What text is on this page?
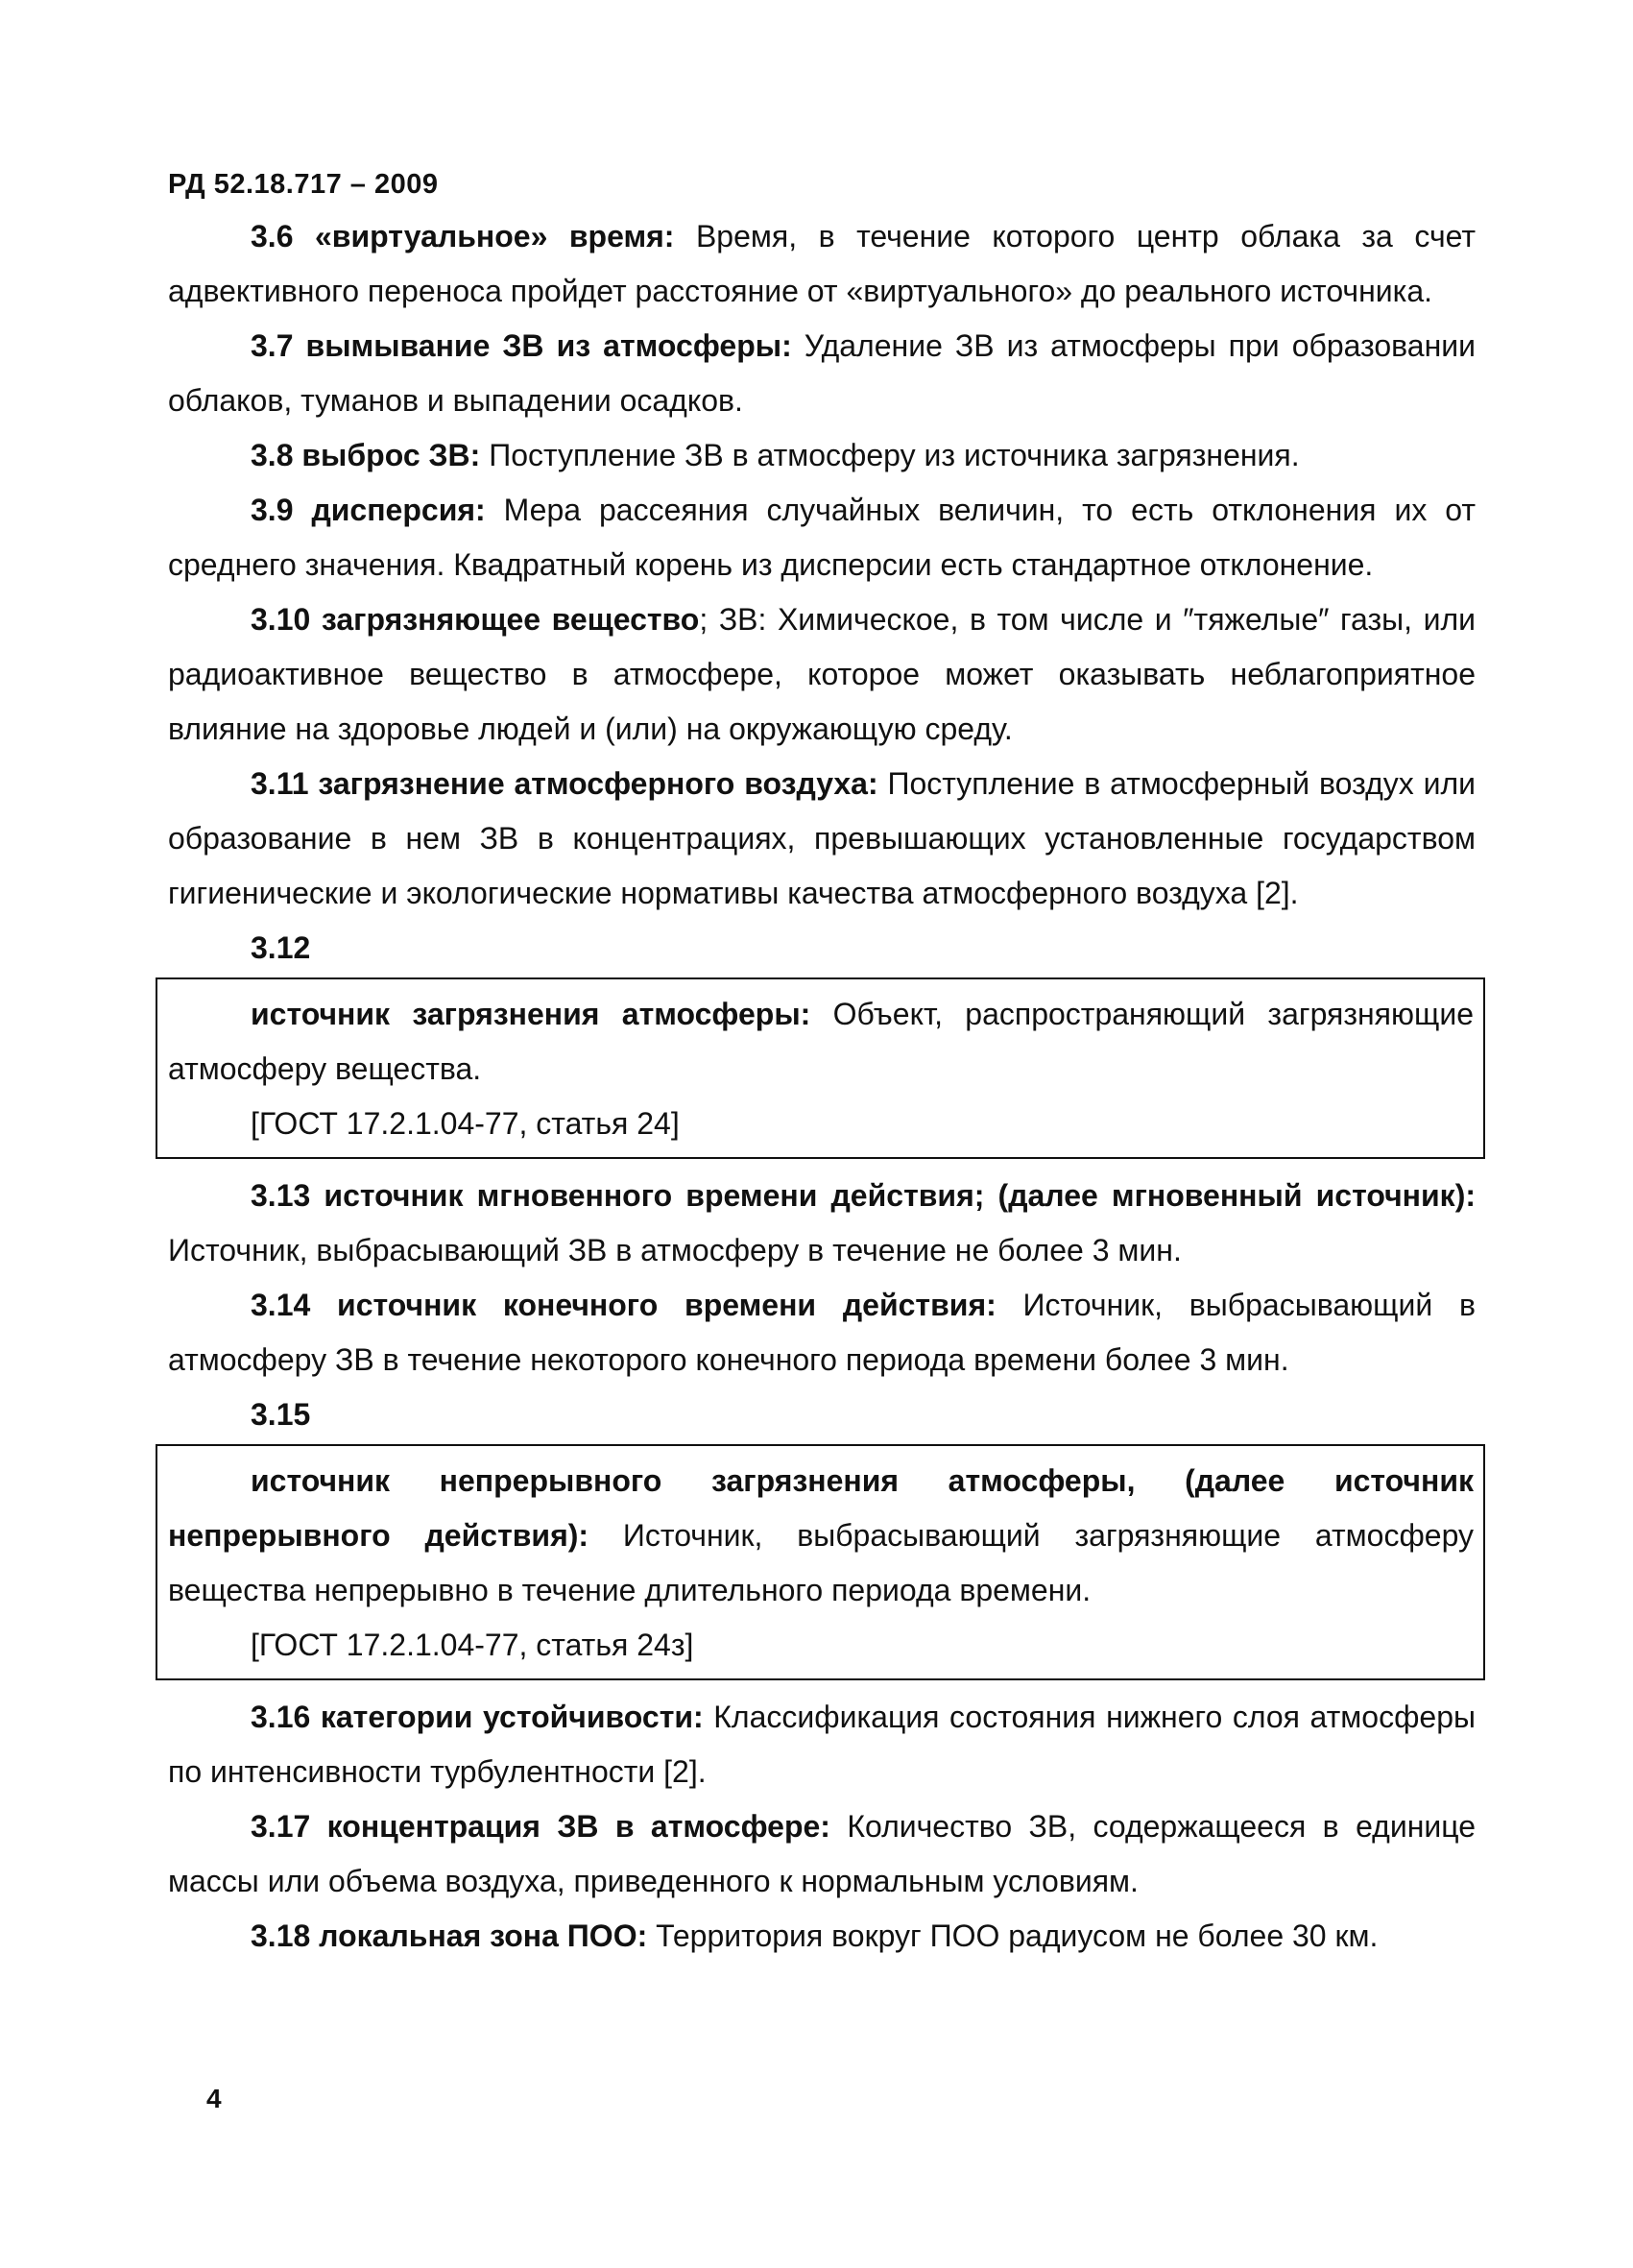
РД 52.18.717 – 2009

3.6 «виртуальное» время: Время, в течение которого центр облака за счет адвективного переноса пройдет расстояние от «виртуального» до реального источника.

3.7 вымывание ЗВ из атмосферы: Удаление ЗВ из атмосферы при образовании облаков, туманов и выпадении осадков.

3.8 выброс ЗВ: Поступление ЗВ в атмосферу из источника загрязнения.

3.9 дисперсия: Мера рассеяния случайных величин, то есть отклонения их от среднего значения. Квадратный корень из дисперсии есть стандартное отклонение.

3.10 загрязняющее вещество; ЗВ: Химическое, в том числе и ″тяжелые″ газы, или радиоактивное вещество в атмосфере, которое может оказывать неблагоприятное влияние на здоровье людей и (или) на окружающую среду.

3.11 загрязнение атмосферного воздуха: Поступление в атмосферный воздух или образование в нем ЗВ в концентрациях, превышающих установленные государством гигиенические и экологические нормативы качества атмосферного воздуха [2].

3.12

источник загрязнения атмосферы: Объект, распространяющий загрязняющие атмосферу вещества.

[ГОСТ 17.2.1.04-77, статья 24]

3.13 источник мгновенного времени действия; (далее мгновенный источник): Источник, выбрасывающий ЗВ в атмосферу в течение не более 3 мин.

3.14 источник конечного времени действия: Источник, выбрасывающий в атмосферу ЗВ в течение некоторого конечного периода времени более 3 мин.

3.15

источник непрерывного загрязнения атмосферы, (далее источник непрерывного действия): Источник, выбрасывающий загрязняющие атмосферу вещества непрерывно в течение длительного периода времени.

[ГОСТ 17.2.1.04-77, статья 24з]

3.16 категории устойчивости: Классификация состояния нижнего слоя атмосферы по интенсивности турбулентности [2].

3.17 концентрация ЗВ в атмосфере: Количество ЗВ, содержащееся в единице массы или объема воздуха, приведенного к нормальным условиям.

3.18 локальная зона ПОО: Территория вокруг ПОО радиусом не более 30 км.

4
